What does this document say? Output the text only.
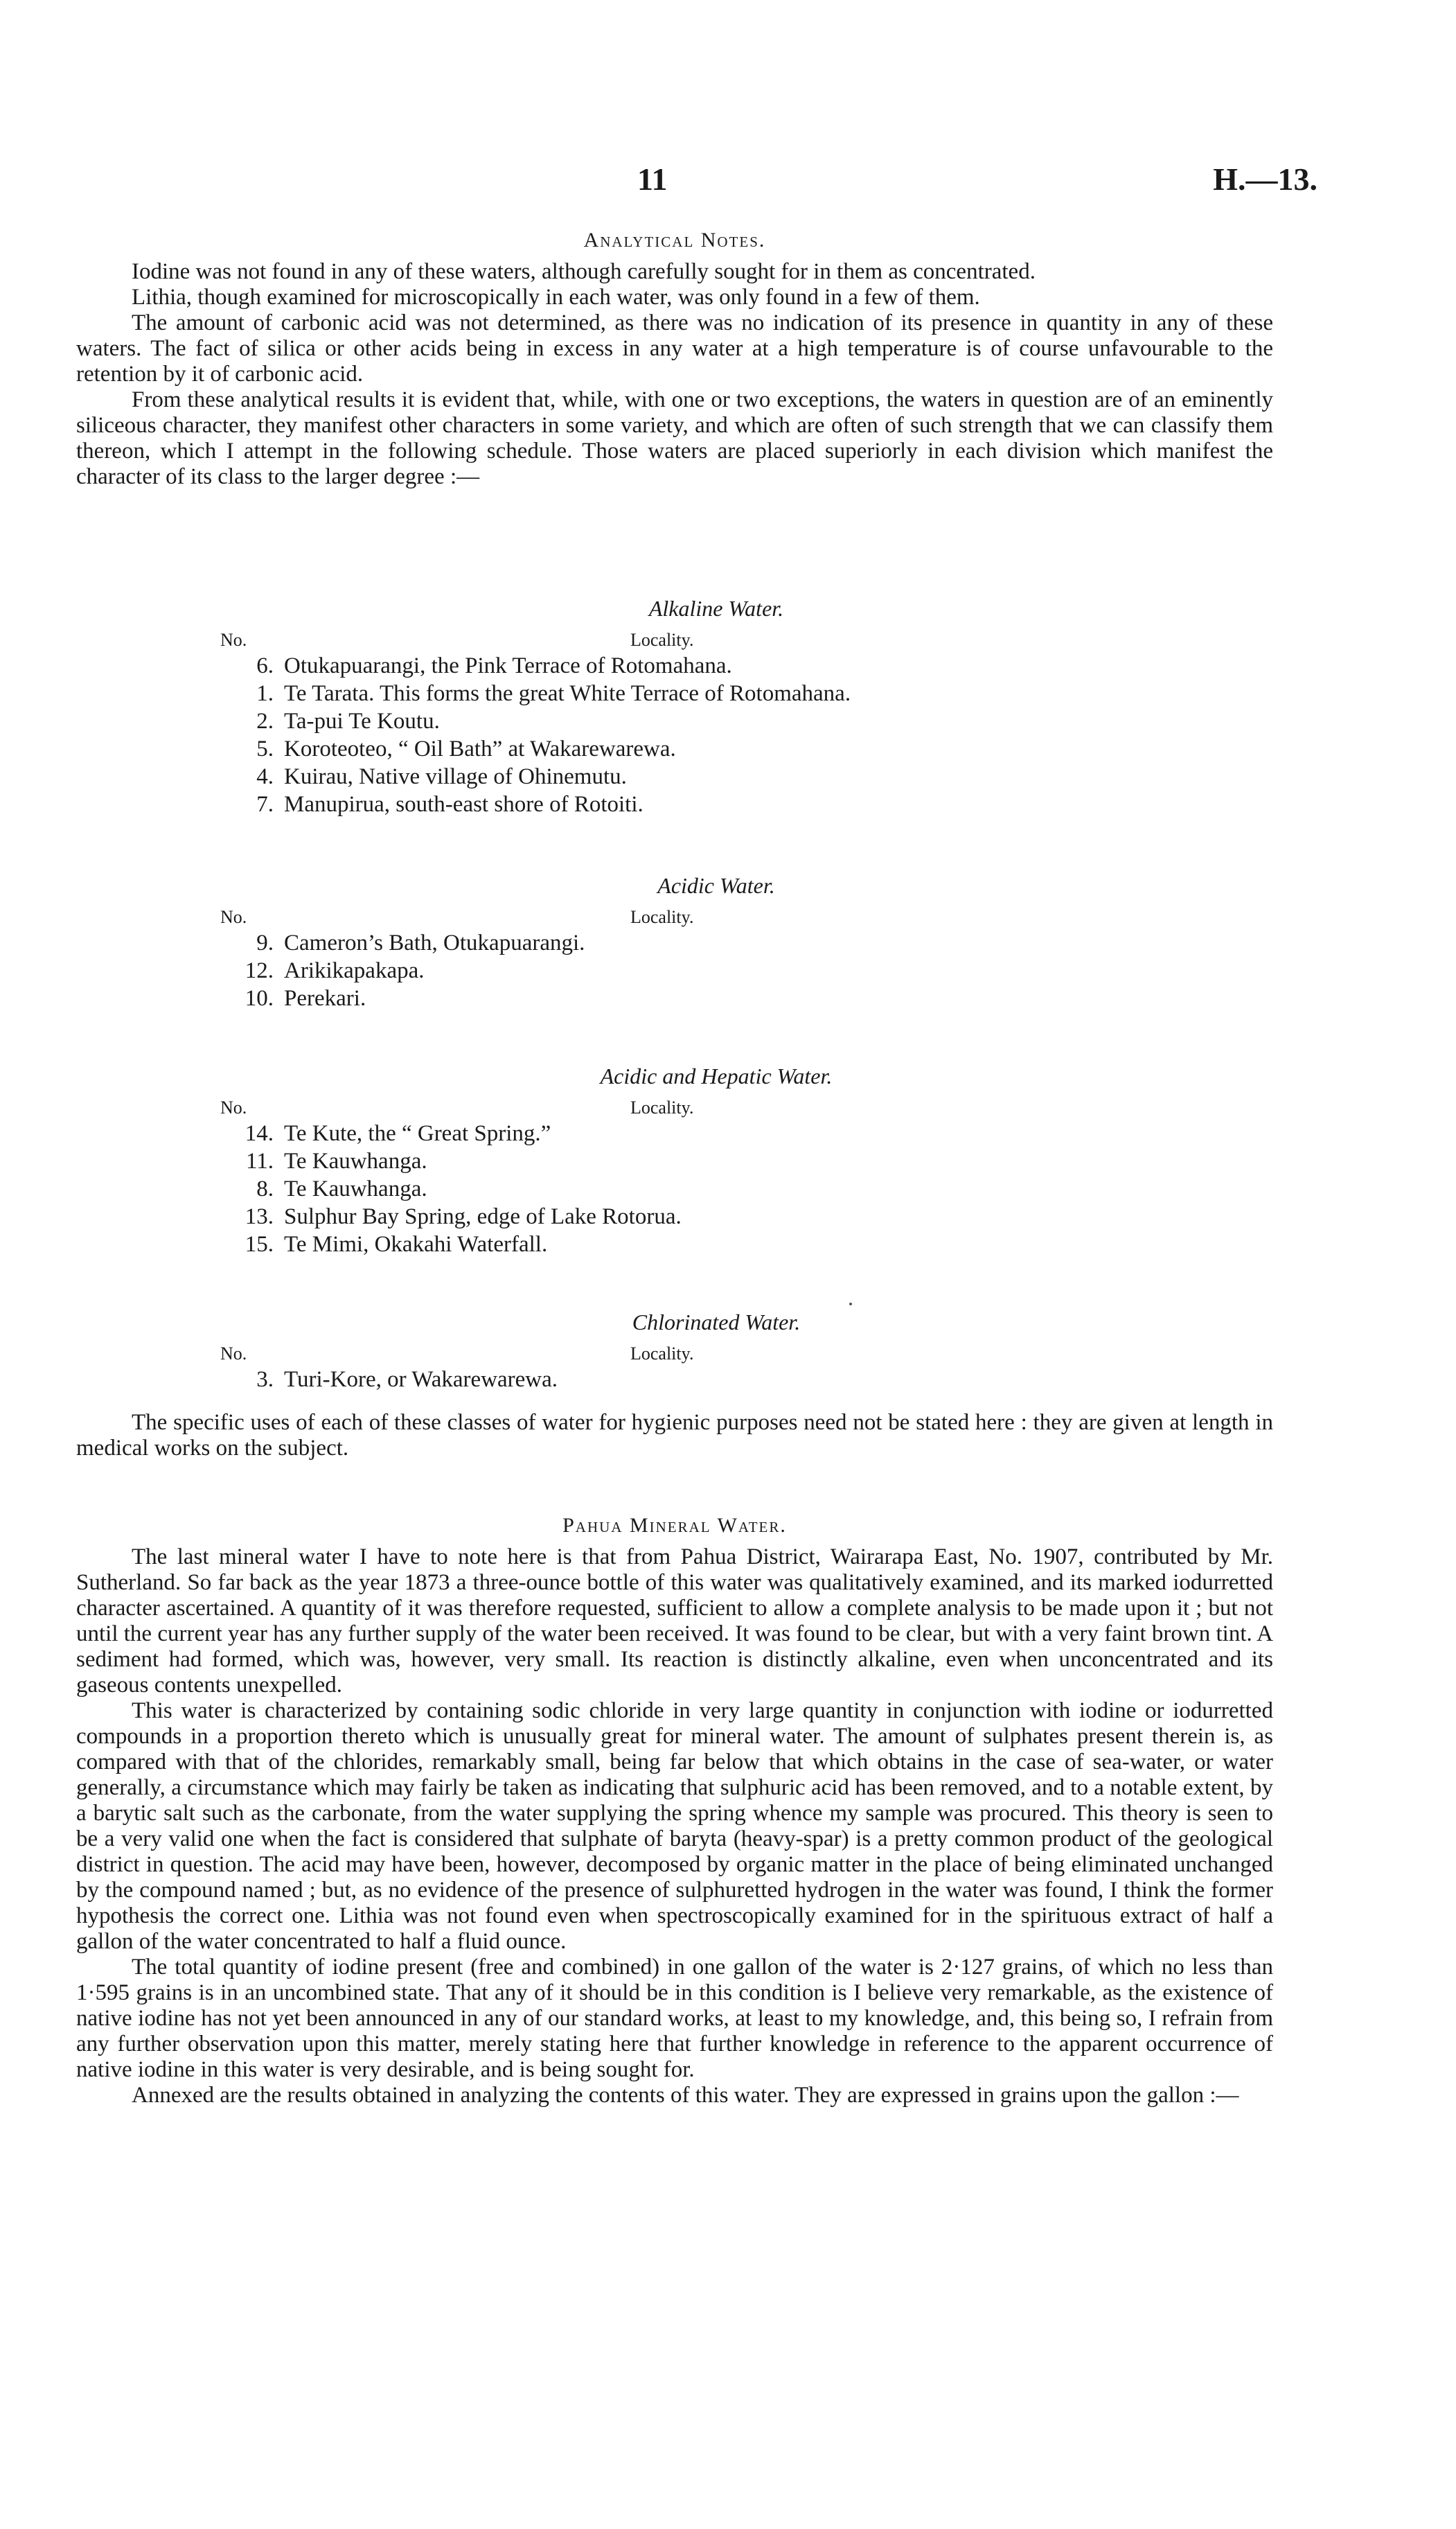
11	H.—13.
Analytical Notes.

Iodine was not found in any of these waters, although carefully sought for in them as concentrated.

Lithia, though examined for microscopically in each water, was only found in a few of them.

The amount of carbonic acid was not determined, as there was no indication of its presence in quantity in any of these waters. The fact of silica or other acids being in excess in any water at a high temperature is of course unfavourable to the retention by it of carbonic acid.

From these analytical results it is evident that, while, with one or two exceptions, the waters in question are of an eminently siliceous character, they manifest other characters in some variety, and which are often of such strength that we can classify them thereon, which I attempt in the following schedule. Those waters are placed superiorly in each division which manifest the character of its class to the larger degree :—

Alkaline Water.
No.	Locality.
6. Otukapuarangi, the Pink Terrace of Rotomahana.
1. Te Tarata. This forms the great White Terrace of Rotomahana.
2. Ta-pui Te Koutu.
5. Koroteoteo, “ Oil Bath” at Wakarewarewa.
4. Kuirau, Native village of Ohinemutu.
7. Manupirua, south-east shore of Rotoiti.
Acidic Water.
No.	Locality.
9. Cameron’s Bath, Otukapuarangi.
12. Arikikapakapa.
10. Perekari.
Acidic and Hepatic Water.
No.	Locality.
14. Te Kute, the “ Great Spring.”
11. Te Kauwhanga.
8. Te Kauwhanga.
13. Sulphur Bay Spring, edge of Lake Rotorua.
15. Te Mimi, Okakahi Waterfall.
Chlorinated Water.
No.	Locality.
3. Turi-Kore, or Wakarewarewa.

The specific uses of each of these classes of water for hygienic purposes need not be stated here : they are given at length in medical works on the subject.

Pahua Mineral Water.

The last mineral water I have to note here is that from Pahua District, Wairarapa East, No. 1907, contributed by Mr. Sutherland. So far back as the year 1873 a three-ounce bottle of this water was qualitatively examined, and its marked iodurretted character ascertained. A quantity of it was therefore requested, sufficient to allow a complete analysis to be made upon it ; but not until the current year has any further supply of the water been received. It was found to be clear, but with a very faint brown tint. A sediment had formed, which was, however, very small. Its reaction is distinctly alkaline, even when unconcentrated and its gaseous contents unexpelled.

This water is characterized by containing sodic chloride in very large quantity in conjunction with iodine or iodurretted compounds in a proportion thereto which is unusually great for mineral water. The amount of sulphates present therein is, as compared with that of the chlorides, remarkably small, being far below that which obtains in the case of sea-water, or water generally, a circumstance which may fairly be taken as indicating that sulphuric acid has been removed, and to a notable extent, by a barytic salt such as the carbonate, from the water supplying the spring whence my sample was procured. This theory is seen to be a very valid one when the fact is considered that sulphate of baryta (heavy-spar) is a pretty common product of the geological district in question. The acid may have been, however, decomposed by organic matter in the place of being eliminated unchanged by the compound named ; but, as no evidence of the presence of sulphuretted hydrogen in the water was found, I think the former hypothesis the correct one. Lithia was not found even when spectroscopically examined for in the spirituous extract of half a gallon of the water concentrated to half a fluid ounce.

The total quantity of iodine present (free and combined) in one gallon of the water is 2·127 grains, of which no less than 1·595 grains is in an uncombined state. That any of it should be in this condition is I believe very remarkable, as the existence of native iodine has not yet been announced in any of our standard works, at least to my knowledge, and, this being so, I refrain from any further observation upon this matter, merely stating here that further knowledge in reference to the apparent occurrence of native iodine in this water is very desirable, and is being sought for.

Annexed are the results obtained in analyzing the contents of this water. They are expressed in grains upon the gallon :—
